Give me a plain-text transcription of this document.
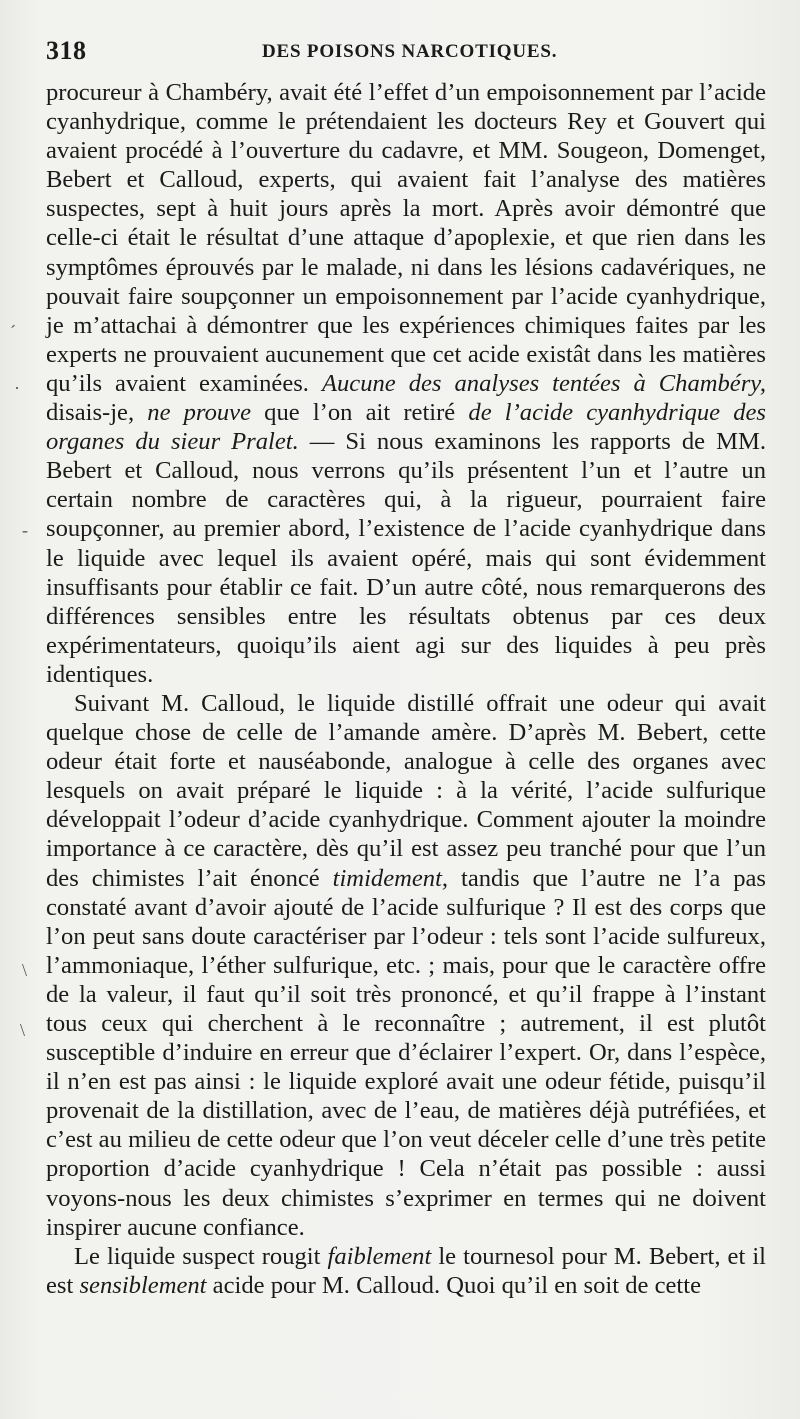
318	DES POISONS NARCOTIQUES.

procureur à Chambéry, avait été l’effet d’un empoisonnement par l’acide cyanhydrique, comme le prétendaient les docteurs Rey et Gouvert qui avaient procédé à l’ouverture du cadavre, et MM. Sougeon, Domenget, Bebert et Calloud, experts, qui avaient fait l’analyse des matières suspectes, sept à huit jours après la mort. Après avoir démontré que celle-ci était le résultat d’une attaque d’apoplexie, et que rien dans les symptômes éprouvés par le malade, ni dans les lésions cadavériques, ne pouvait faire soupçonner un empoisonnement par l’acide cyanhydrique, je m’attachai à démontrer que les expériences chimiques faites par les experts ne prouvaient aucunement que cet acide existât dans les matières qu’ils avaient examinées. Aucune des analyses tentées à Chambéry, disais-je, ne prouve que l’on ait retiré de l’acide cyanhydrique des organes du sieur Pralet. — Si nous examinons les rapports de MM. Bebert et Calloud, nous verrons qu’ils présentent l’un et l’autre un certain nombre de caractères qui, à la rigueur, pourraient faire soupçonner, au premier abord, l’existence de l’acide cyanhydrique dans le liquide avec lequel ils avaient opéré, mais qui sont évidemment insuffisants pour établir ce fait. D’un autre côté, nous remarquerons des différences sensibles entre les résultats obtenus par ces deux expérimentateurs, quoiqu’ils aient agi sur des liquides à peu près identiques.

Suivant M. Calloud, le liquide distillé offrait une odeur qui avait quelque chose de celle de l’amande amère. D’après M. Bebert, cette odeur était forte et nauséabonde, analogue à celle des organes avec lesquels on avait préparé le liquide : à la vérité, l’acide sulfurique développait l’odeur d’acide cyanhydrique. Comment ajouter la moindre importance à ce caractère, dès qu’il est assez peu tranché pour que l’un des chimistes l’ait énoncé timidement, tandis que l’autre ne l’a pas constaté avant d’avoir ajouté de l’acide sulfurique ? Il est des corps que l’on peut sans doute caractériser par l’odeur : tels sont l’acide sulfureux, l’ammoniaque, l’éther sulfurique, etc. ; mais, pour que le caractère offre de la valeur, il faut qu’il soit très prononcé, et qu’il frappe à l’instant tous ceux qui cherchent à le reconnaître ; autrement, il est plutôt susceptible d’induire en erreur que d’éclairer l’expert. Or, dans l’espèce, il n’en est pas ainsi : le liquide exploré avait une odeur fétide, puisqu’il provenait de la distillation, avec de l’eau, de matières déjà putréfiées, et c’est au milieu de cette odeur que l’on veut déceler celle d’une très petite proportion d’acide cyanhydrique ! Cela n’était pas possible : aussi voyons-nous les deux chimistes s’exprimer en termes qui ne doivent inspirer aucune confiance.

Le liquide suspect rougit faiblement le tournesol pour M. Bebert, et il est sensiblement acide pour M. Calloud. Quoi qu’il en soit de cette

´
·
-
\
\
